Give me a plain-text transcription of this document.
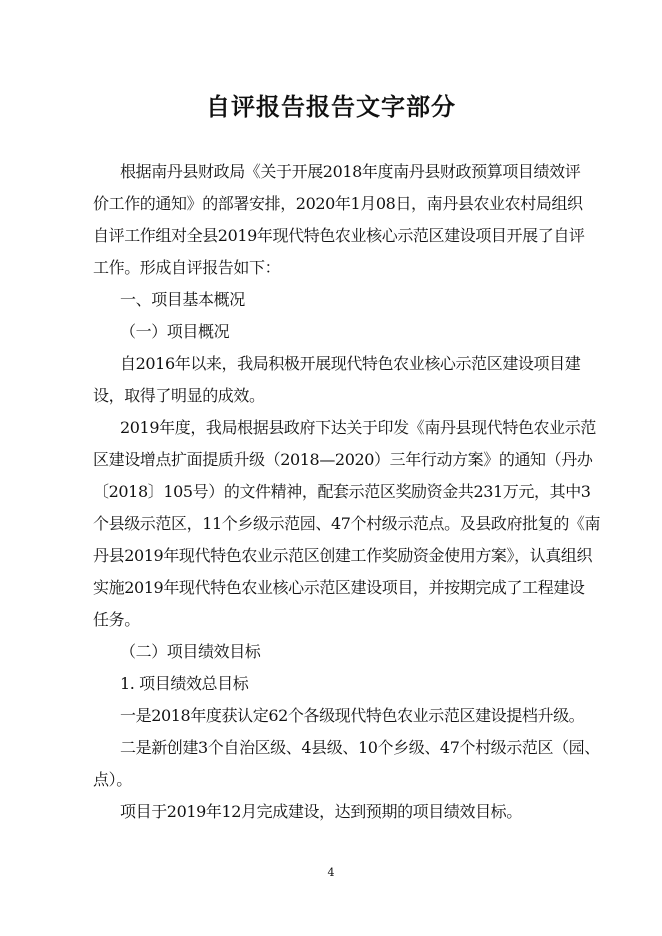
自评报告报告文字部分
根据南丹县财政局《关于开展2018年度南丹县财政预算项目绩效评
价工作的通知》的部署安排，2020年1月08日，南丹县农业农村局组织
自评工作组对全县2019年现代特色农业核心示范区建设项目开展了自评
工作。形成自评报告如下：
一、项目基本概况
（一）项目概况
自2016年以来，我局积极开展现代特色农业核心示范区建设项目建
设，取得了明显的成效。
2019年度，我局根据县政府下达关于印发《南丹县现代特色农业示范
区建设增点扩面提质升级（2018—2020）三年行动方案》的通知（丹办
〔2018〕105号）的文件精神，配套示范区奖励资金共231万元，其中3
个县级示范区，11个乡级示范园、47个村级示范点。及县政府批复的《南
丹县2019年现代特色农业示范区创建工作奖励资金使用方案》，认真组织
实施2019年现代特色农业核心示范区建设项目，并按期完成了工程建设
任务。
（二）项目绩效目标
1. 项目绩效总目标
一是2018年度获认定62个各级现代特色农业示范区建设提档升级。
二是新创建3个自治区级、4县级、10个乡级、47个村级示范区（园、
点）。
项目于2019年12月完成建设，达到预期的项目绩效目标。
4
